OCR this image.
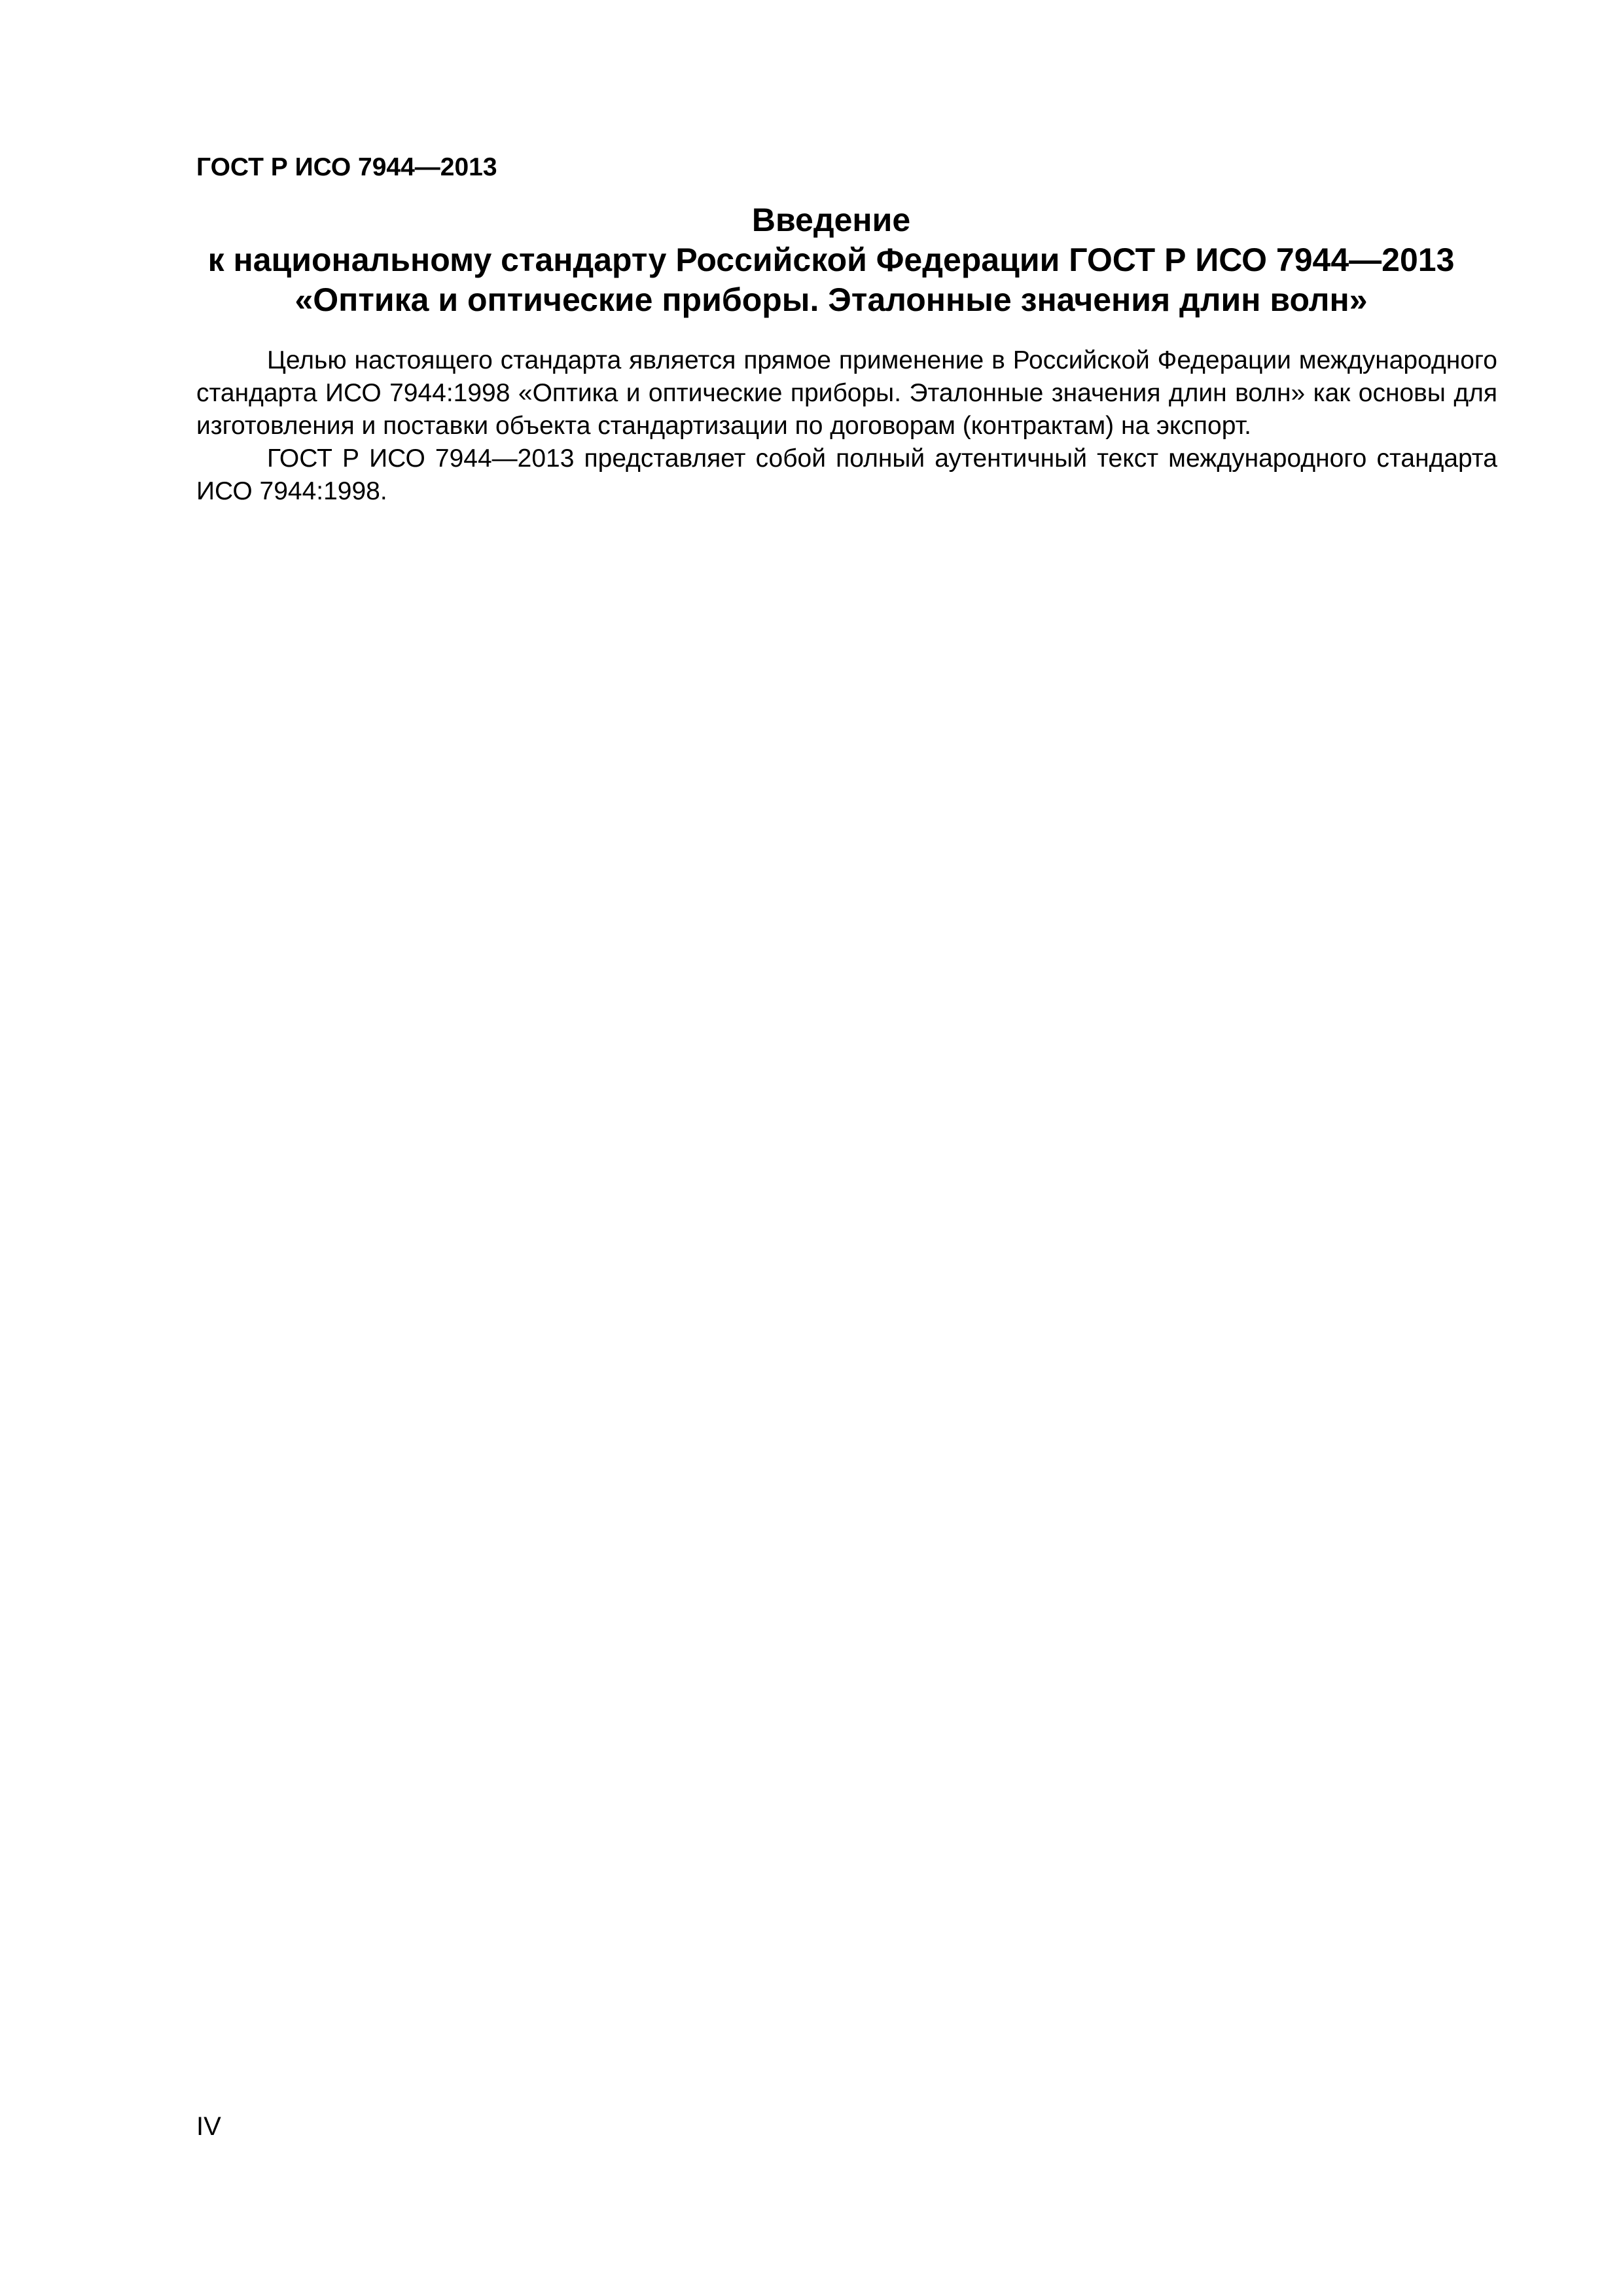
ГОСТ Р ИСО 7944—2013
Введение
к национальному стандарту Российской Федерации ГОСТ Р ИСО 7944—2013
«Оптика и оптические приборы. Эталонные значения длин волн»

Целью настоящего стандарта является прямое применение в Российской Федерации международного стандарта ИСО 7944:1998 «Оптика и оптические приборы. Эталонные значения длин волн» как основы для изготовления и поставки объекта стандартизации по договорам (контрактам) на экспорт.

ГОСТ Р ИСО 7944—2013 представляет собой полный аутентичный текст международного стандарта ИСО 7944:1998.

IV
